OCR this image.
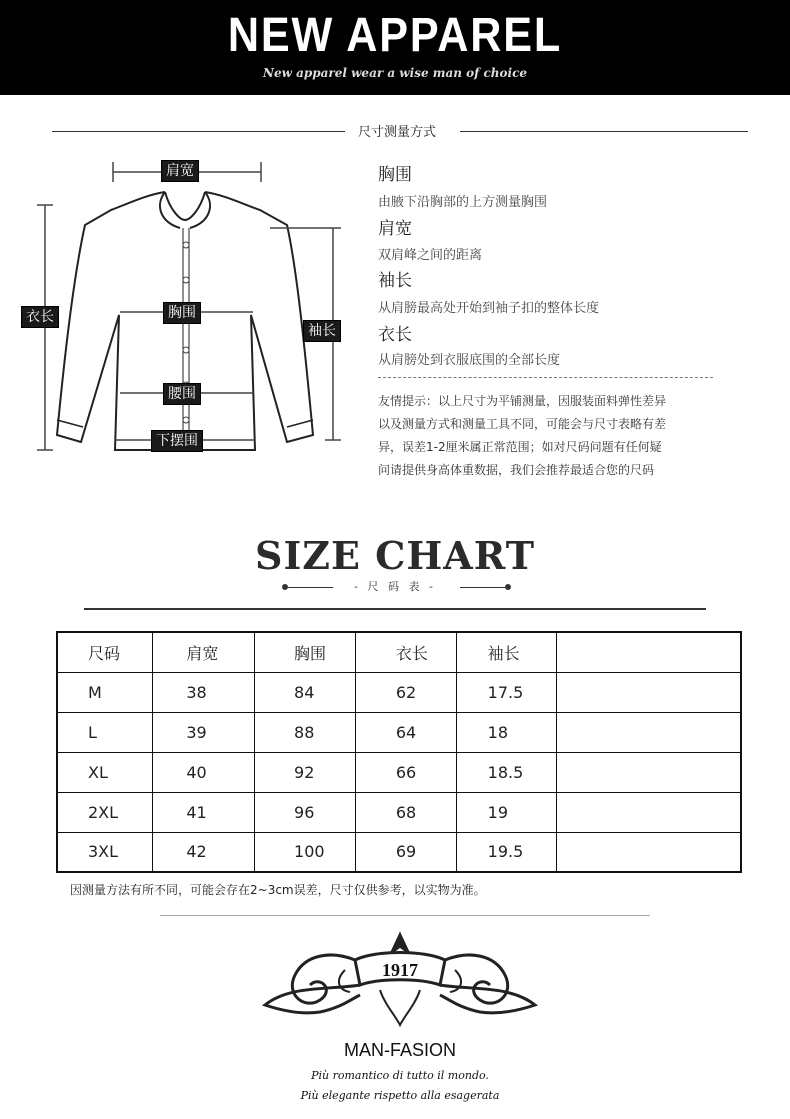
NEW APPAREL
New apparel wear a wise man of choice
尺寸测量方式
肩宽
衣长	胸围
袖长
腰围
下摆围
胸围
由腋下沿胸部的上方测量胸围
肩宽
双肩峰之间的距离
袖长
从肩膀最高处开始到袖子扣的整体长度
衣长
从肩膀处到衣服底围的全部长度
友情提示：以上尺寸为平铺测量，因服装面料弹性差异
以及测量方式和测量工具不同，可能会与尺寸表略有差
异，误差1-2厘米属正常范围；如对尺码问题有任何疑
问请提供身高体重数据，我们会推荐最适合您的尺码
SIZE CHART
- 尺 码 表 -
尺码	肩宽	胸围	衣长	袖长	
M	38	84	62	17.5	
L	39	88	64	18	
XL	40	92	66	18.5	
2XL	41	96	68	19	
3XL	42	100	69	19.5	
因测量方法有所不同，可能会存在2~3cm误差，尺寸仅供参考，以实物为准。
1917
MAN-FASION
Più romantico di tutto il mondo.
Più elegante rispetto alla esagerata
